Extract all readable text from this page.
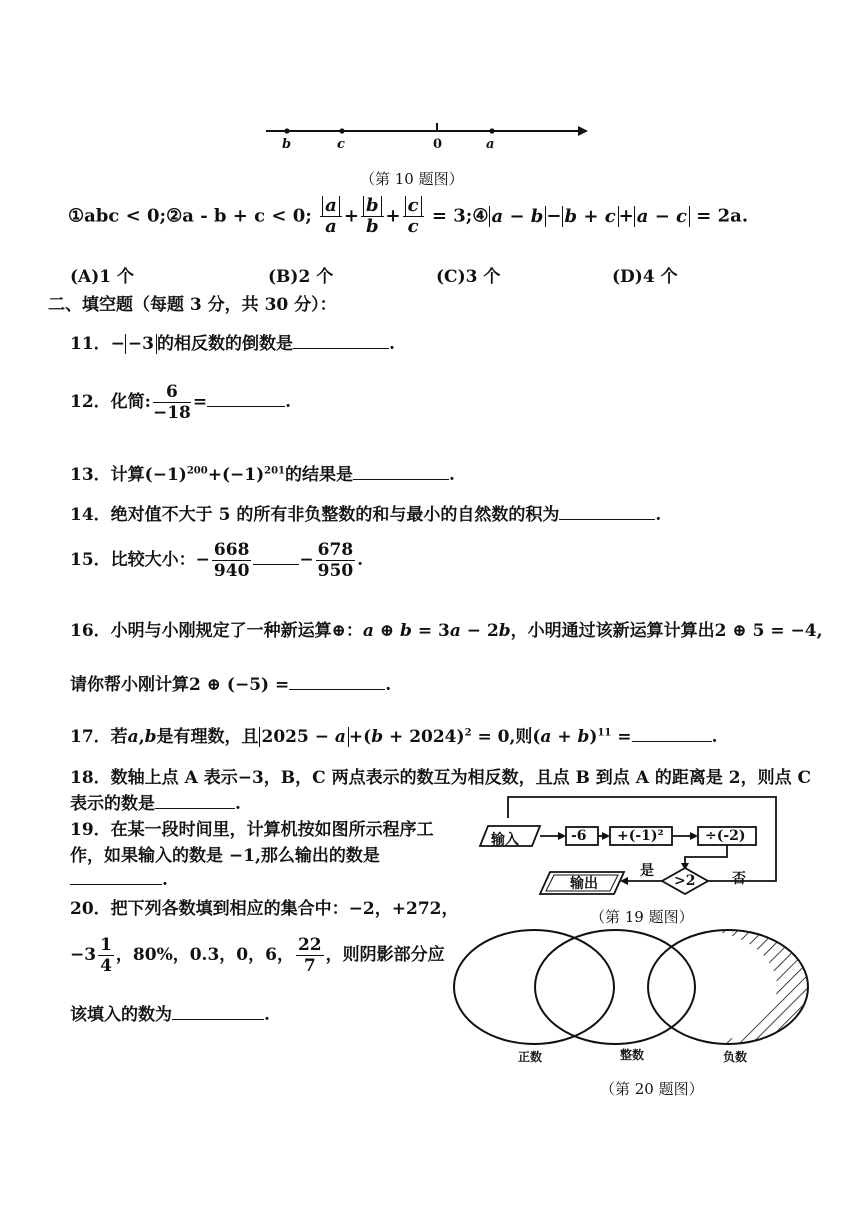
b	c	0	a
（第 10 题图）
①abc < 0;②a - b + c < 0; $\frac{a}{a} + \frac{b}{b} + \frac{c}{c}$ = 3;④ a − b − b + c + a − c = 2a.
(A)1 个	(B)2 个	(C)3 个	(D)4 个
二、填空题（每题 3 分，共 30 分）：
11．− −3 的相反数的倒数是	.
12．化简: $\frac{6}{-18}$ =	.
13．计算$(-1)^{200}+(-1)^{201}$的结果是	.
14．绝对值不大于 5 的所有非负整数的和与最小的自然数的积为	.
15．比较大小：− $\frac{668}{940}$	− $\frac{678}{950}$ .
16．小明与小刚规定了一种新运算⊕：a ⊕ b = 3a − 2b，小明通过该新运算计算出2 ⊕ 5 = −4,
请你帮小刚计算2 ⊕ (−5) =	.
17．若a,b是有理数，且 $2025 - a +(b + 2024)^2 = 0$,则$(a + b)^{11}$ =	.
18．数轴上点 A 表示−3，B，C 两点表示的数互为相反数，且点 B 到点 A 的距离是 2，则点 C
表示的数是	.
19．在某一段时间里，计算机按如图所示程序工
作，如果输入的数是 −1,那么输出的数是
.
输入	-6 +(-1)²	÷(-2)
>2
是	否
输出
（第 19 题图）
20．把下列各数填到相应的集合中：−2，+272，
$-3 \frac{1}{4}$ ，80%，0.3，0，6， $\frac{22}{7}$ ，则阴影部分应
该填入的数为	.
正数	整数	负数
（第 20 题图）
